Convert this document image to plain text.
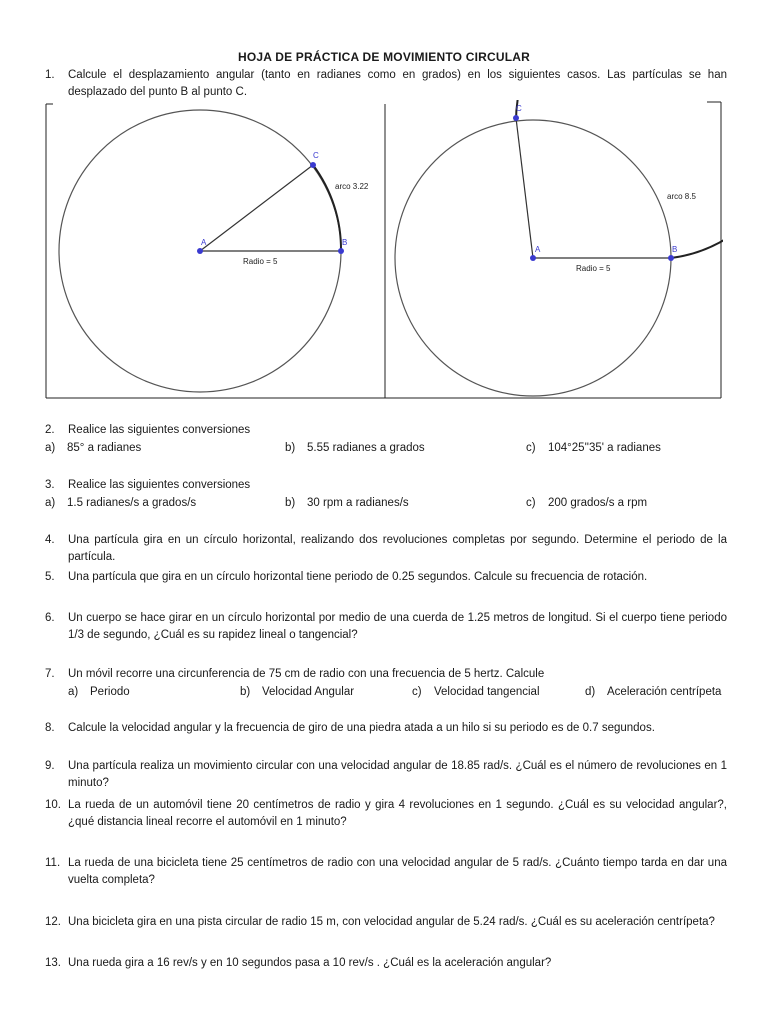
HOJA DE PRÁCTICA DE MOVIMIENTO CIRCULAR
1.	Calcule el desplazamiento angular (tanto en radianes como en grados) en los siguientes casos. Las partículas se han desplazado del punto B al punto C.
A	B
C
arco 3.22
Radio = 5
A	B
C
arco 8.5
Radio = 5
2.	Realice las siguientes conversiones
a) 85° a radianes	b) 5.55 radianes a grados	c) 104°25''35' a radianes
3.	Realice las siguientes conversiones
a) 1.5 radianes/s a grados/s	b) 30 rpm a radianes/s	c) 200 grados/s a rpm
4.	Una partícula gira en un círculo horizontal, realizando dos revoluciones completas por segundo. Determine el periodo de la partícula.
5.	Una partícula que gira en un círculo horizontal tiene periodo de 0.25 segundos. Calcule su frecuencia de rotación.
6.	Un cuerpo se hace girar en un círculo horizontal por medio de una cuerda de 1.25 metros de longitud. Si el cuerpo tiene periodo 1/3 de segundo, ¿Cuál es su rapidez lineal o tangencial?
7.	Un móvil recorre una circunferencia de 75 cm de radio con una frecuencia de 5 hertz. Calcule
a) Periodo	b) Velocidad Angular	c) Velocidad tangencial	d) Aceleración centrípeta
8.	Calcule la velocidad angular y la frecuencia de giro de una piedra atada a un hilo si su periodo es de 0.7 segundos.
9.	Una partícula realiza un movimiento circular con una velocidad angular de 18.85 rad/s. ¿Cuál es el número de revoluciones en 1 minuto?
10. La rueda de un automóvil tiene 20 centímetros de radio y gira 4 revoluciones en 1 segundo. ¿Cuál es su velocidad angular?, ¿qué distancia lineal recorre el automóvil en 1 minuto?
11. La rueda de una bicicleta tiene 25 centímetros de radio con una velocidad angular de 5 rad/s. ¿Cuánto tiempo tarda en dar una vuelta completa?
12. Una bicicleta gira en una pista circular de radio 15 m, con velocidad angular de 5.24 rad/s. ¿Cuál es su aceleración centrípeta?
13. Una rueda gira a 16 rev/s y en 10 segundos pasa a 10 rev/s . ¿Cuál es la aceleración angular?
